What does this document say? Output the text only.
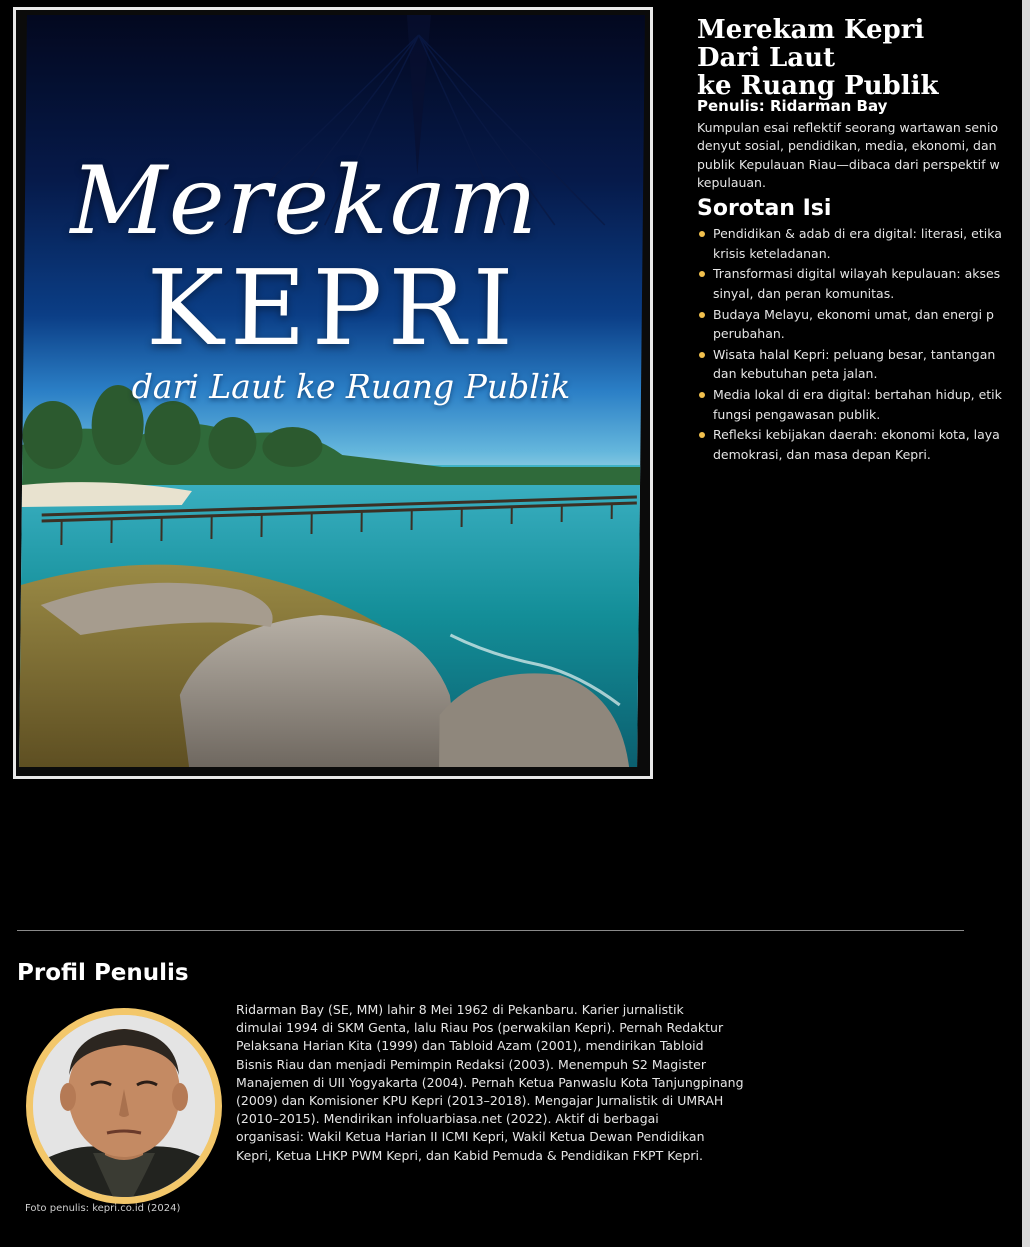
Merekam
KEPRI
dari Laut ke Ruang Publik
Merekam Kepri
Dari Laut
ke Ruang Publik
Penulis: Ridarman Bay

Kumpulan esai reflektif seorang wartawan senio
denyut sosial, pendidikan, media, ekonomi, dan
publik Kepulauan Riau—dibaca dari perspektif w
kepulauan.

Sorotan Isi
Pendidikan & adab di era digital: literasi, etika
krisis keteladanan.
Transformasi digital wilayah kepulauan: akses
sinyal, dan peran komunitas.
Budaya Melayu, ekonomi umat, dan energi p
perubahan.
Wisata halal Kepri: peluang besar, tantangan
dan kebutuhan peta jalan.
Media lokal di era digital: bertahan hidup, etik
fungsi pengawasan publik.
Refleksi kebijakan daerah: ekonomi kota, laya
demokrasi, dan masa depan Kepri.
Profil Penulis
Foto penulis: kepri.co.id (2024)

Ridarman Bay (SE, MM) lahir 8 Mei 1962 di Pekanbaru. Karier jurnalistik
dimulai 1994 di SKM Genta, lalu Riau Pos (perwakilan Kepri). Pernah Redaktur
Pelaksana Harian Kita (1999) dan Tabloid Azam (2001), mendirikan Tabloid
Bisnis Riau dan menjadi Pemimpin Redaksi (2003). Menempuh S2 Magister
Manajemen di UII Yogyakarta (2004). Pernah Ketua Panwaslu Kota Tanjungpinang
(2009) dan Komisioner KPU Kepri (2013–2018). Mengajar Jurnalistik di UMRAH
(2010–2015). Mendirikan infoluarbiasa.net (2022). Aktif di berbagai
organisasi: Wakil Ketua Harian II ICMI Kepri, Wakil Ketua Dewan Pendidikan
Kepri, Ketua LHKP PWM Kepri, dan Kabid Pemuda & Pendidikan FKPT Kepri.
